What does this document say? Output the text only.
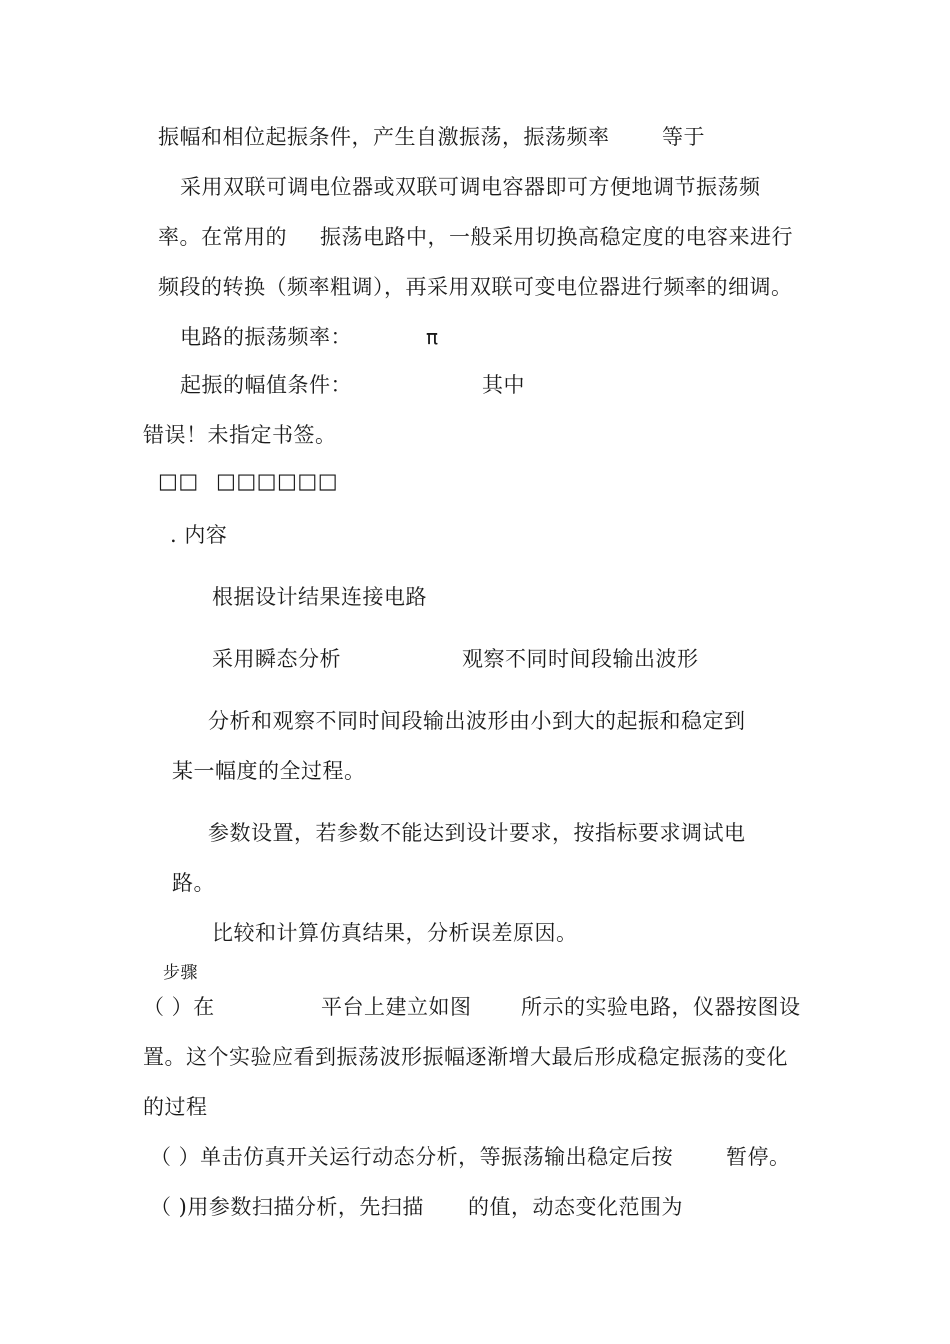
振幅和相位起振条件，产生自激振荡，振荡频率	等于
采用双联可调电位器或双联可调电容器即可方便地调节振荡频
率。在常用的 振荡电路中，一般采用切换高稳定度的电容来进行
频段的转换（频率粗调），再采用双联可变电位器进行频率的细调。
电路的振荡频率：	π
起振的幅值条件：	其中
错误！未指定书签。
□□ □□□□□□
. 内容
根据设计结果连接电路
采用瞬态分析	观察不同时间段输出波形
分析和观察不同时间段输出波形由小到大的起振和稳定到
某一幅度的全过程。
参数设置，若参数不能达到设计要求，按指标要求调试电
路。
比较和计算仿真结果，分析误差原因。
步骤
（ ）在	平台上建立如图 所示的实验电路，仪器按图设
置。这个实验应看到振荡波形振幅逐渐增大最后形成稳定振荡的变化
的过程
（ ）单击仿真开关运行动态分析，等振荡输出稳定后按	暂停。
（ )用参数扫描分析，先扫描 的值，动态变化范围为
